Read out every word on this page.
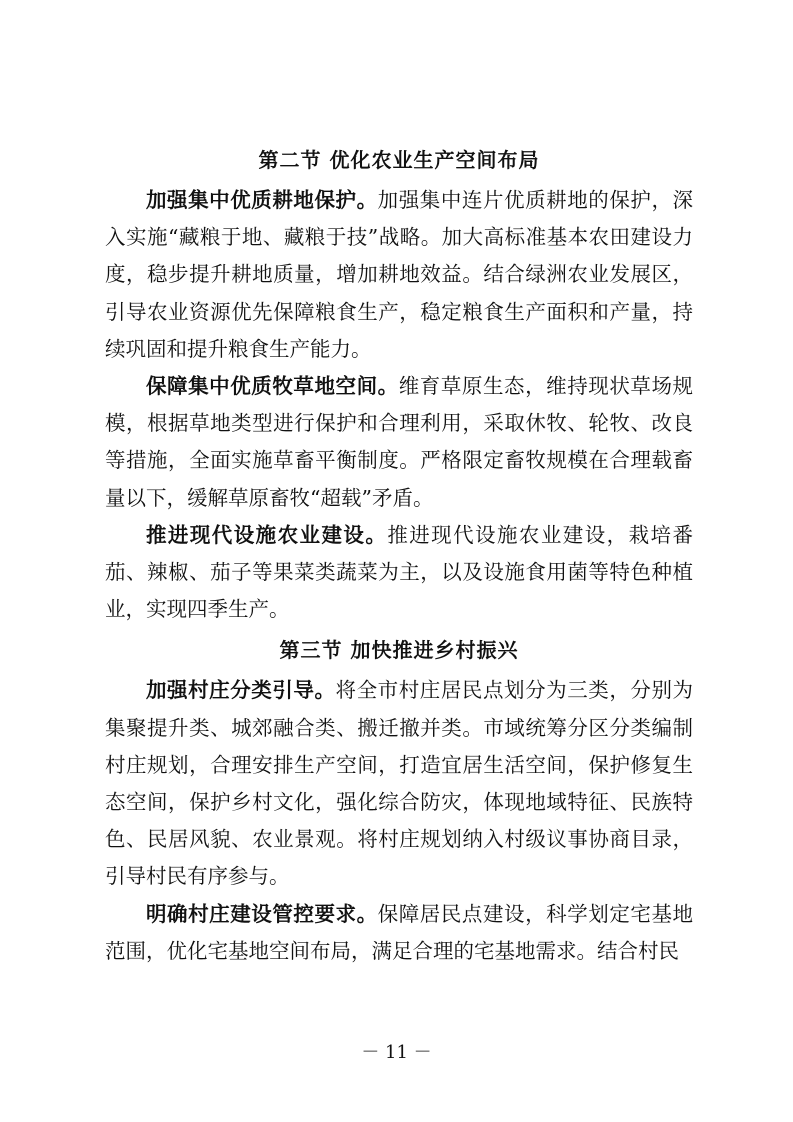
第二节 优化农业生产空间布局

加强集中优质耕地保护。加强集中连片优质耕地的保护，深入实施“藏粮于地、藏粮于技”战略。加大高标准基本农田建设力度，稳步提升耕地质量，增加耕地效益。结合绿洲农业发展区，引导农业资源优先保障粮食生产，稳定粮食生产面积和产量，持续巩固和提升粮食生产能力。

保障集中优质牧草地空间。维育草原生态，维持现状草场规模，根据草地类型进行保护和合理利用，采取休牧、轮牧、改良等措施，全面实施草畜平衡制度。严格限定畜牧规模在合理载畜量以下，缓解草原畜牧“超载”矛盾。

推进现代设施农业建设。推进现代设施农业建设，栽培番茄、辣椒、茄子等果菜类蔬菜为主，以及设施食用菌等特色种植业，实现四季生产。

第三节 加快推进乡村振兴

加强村庄分类引导。将全市村庄居民点划分为三类，分别为集聚提升类、城郊融合类、搬迁撤并类。市域统筹分区分类编制村庄规划，合理安排生产空间，打造宜居生活空间，保护修复生态空间，保护乡村文化，强化综合防灾，体现地域特征、民族特色、民居风貌、农业景观。将村庄规划纳入村级议事协商目录，引导村民有序参与。

明确村庄建设管控要求。保障居民点建设，科学划定宅基地范围，优化宅基地空间布局，满足合理的宅基地需求。结合村民

－ 11 －
